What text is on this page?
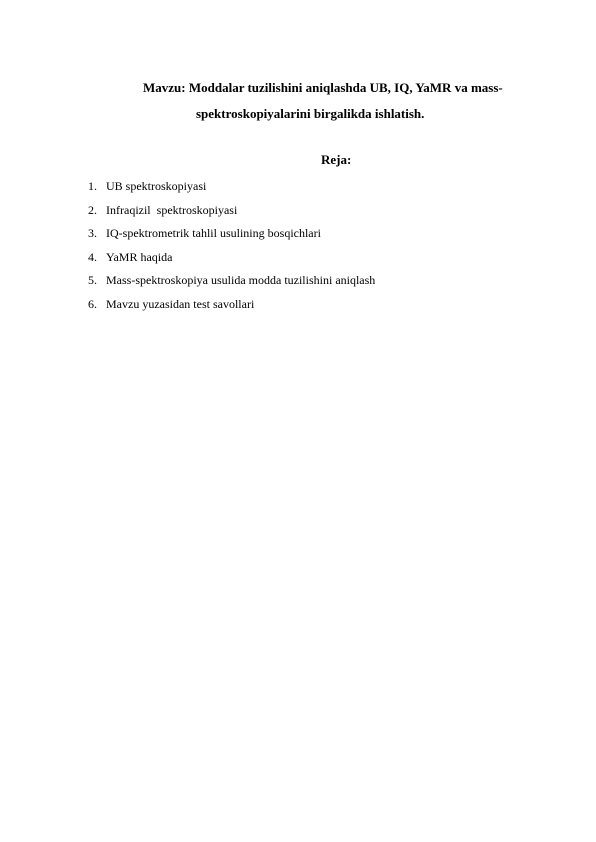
Mavzu: Moddalar tuzilishini aniqlashda UB, IQ, YaMR va mass-
spektroskopiyalarini birgalikda ishlatish.
Reja:
1. UB spektroskopiyasi
2. Infraqizil  spektroskopiyasi
3. IQ-spektrometrik tahlil usulining bosqichlari
4. YaMR haqida
5. Mass-spektroskopiya usulida modda tuzilishini aniqlash
6. Mavzu yuzasidan test savollari
